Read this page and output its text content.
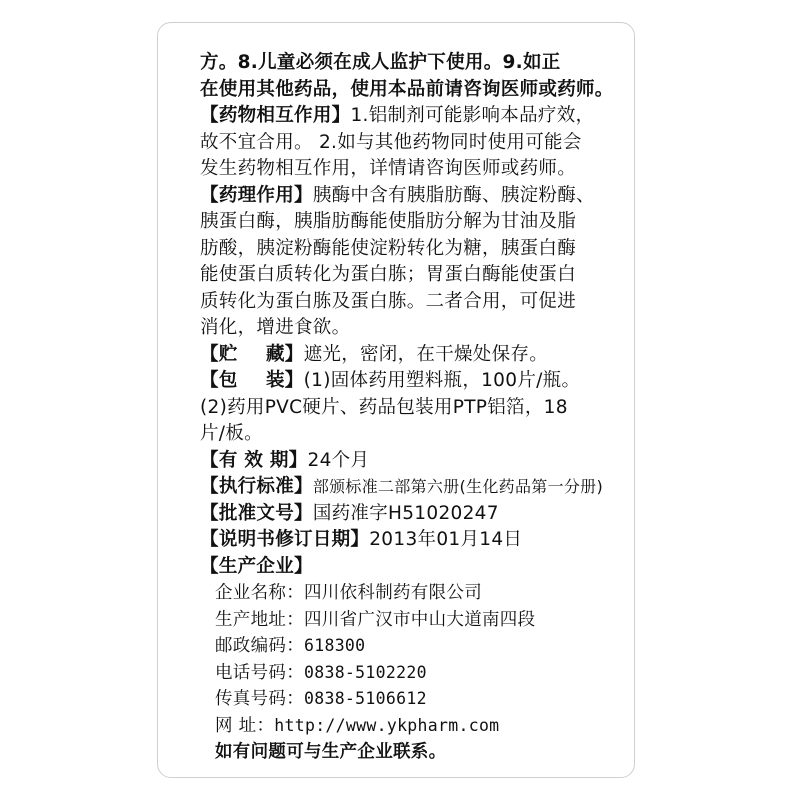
方。8.儿童必须在成人监护下使用。9.如正
在使用其他药品，使用本品前请咨询医师或药师。
【药物相互作用】1.铝制剂可能影响本品疗效，
故不宜合用。 2.如与其他药物同时使用可能会
发生药物相互作用，详情请咨询医师或药师。
【药理作用】胰酶中含有胰脂肪酶、胰淀粉酶、
胰蛋白酶，胰脂肪酶能使脂肪分解为甘油及脂
肪酸，胰淀粉酶能使淀粉转化为糖，胰蛋白酶
能使蛋白质转化为蛋白胨；胃蛋白酶能使蛋白
质转化为蛋白胨及蛋白胨。二者合用，可促进
消化，增进食欲。
【贮   藏】遮光，密闭，在干燥处保存。
【包   装】(1)固体药用塑料瓶，100片/瓶。
(2)药用PVC硬片、药品包装用PTP铝箔，18
片/板。
【有 效 期】24个月
【执行标准】部颁标准二部第六册(生化药品第一分册)
【批准文号】国药准字H51020247
【说明书修订日期】2013年01月14日
【生产企业】
企业名称：四川依科制药有限公司
生产地址：四川省广汉市中山大道南四段
邮政编码：618300
电话号码：0838-5102220
传真号码：0838-5106612
网 址：http://www.ykpharm.com
如有问题可与生产企业联系。
